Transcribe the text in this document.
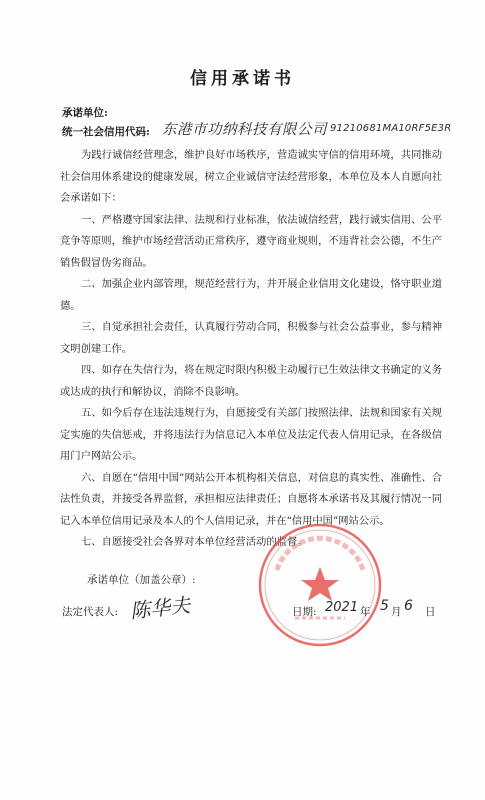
信用承诺书
承诺单位:
统一社会信用代码: 东港市功纳科技有限公司 91210681MA10RF5E3R

为践行诚信经营理念，维护良好市场秩序，营造诚实守信的信用环境，共同推动社会信用体系建设的健康发展，树立企业诚信守法经营形象，本单位及本人自愿向社会承诺如下：

一、严格遵守国家法律、法规和行业标准，依法诚信经营，践行诚实信用、公平竞争等原则，维护市场经营活动正常秩序，遵守商业规则，不违背社会公德，不生产销售假冒伪劣商品。

二、加强企业内部管理，规范经营行为，并开展企业信用文化建设，恪守职业道德。

三、自觉承担社会责任，认真履行劳动合同，积极参与社会公益事业，参与精神文明创建工作。

四、如存在失信行为，将在规定时限内积极主动履行已生效法律文书确定的义务或达成的执行和解协议，消除不良影响。

五、如今后存在违法违规行为，自愿接受有关部门按照法律、法规和国家有关规定实施的失信惩戒，并将违法行为信息记入本单位及法定代表人信用记录，在各级信用门户网站公示。

六、自愿在“信用中国”网站公开本机构相关信息，对信息的真实性、准确性、合法性负责，并接受各界监督，承担相应法律责任；自愿将本承诺书及其履行情况一同记入本单位信用记录及本人的个人信用记录，并在“信用中国”网站公示。

七、自愿接受社会各界对本单位经营活动的监督。

承诺单位（加盖公章）:
法定代表人: 陈华夫	日期: 2021 年 5 月 6 日
